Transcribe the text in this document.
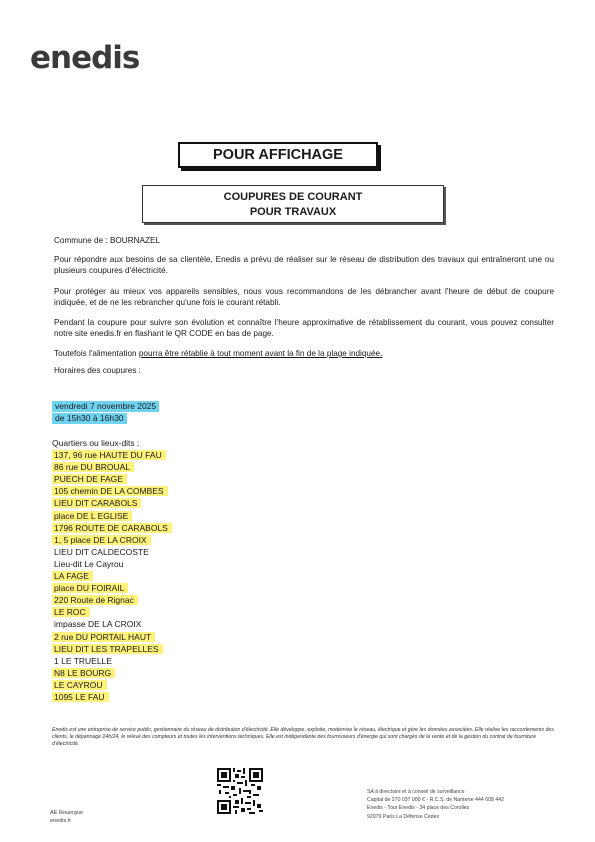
enedis
POUR AFFICHAGE
COUPURES DE COURANT
POUR TRAVAUX
Commune de : BOURNAZEL
Pour répondre aux besoins de sa clientèle, Enedis a prévu de réaliser sur le réseau de distribution des travaux qui entraîneront une ou plusieurs coupures d'électricité.
Pour protéger au mieux vos appareils sensibles, nous vous recommandons de les débrancher avant l'heure de début de coupure indiquée, et de ne les rebrancher qu'une fois le courant rétabli.
Pendant la coupure pour suivre son évolution et connaître l'heure approximative de rétablissement du courant, vous pouvez consulter notre site enedis.fr en flashant le QR CODE en bas de page.
Toutefois l'alimentation pourra être rétablie à tout moment avant la fin de la plage indiquée.
Horaires des coupures :
vendredi 7 novembre 2025
de 15h30 à 16h30
Quartiers ou lieux-dits :
137, 96 rue HAUTE DU FAU
86 rue DU BROUAL
PUECH DE FAGE
105 chemin DE LA COMBES
LIEU DIT CARABOLS
place DE L EGLISE
1796 ROUTE DE CARABOLS
1, 5 place DE LA CROIX
LIEU DIT CALDECOSTE
Lieu-dit Le Cayrou
LA FAGE
place DU FOIRAIL
220 Route de Rignac
LE ROC
impasse DE LA CROIX
2 rue DU PORTAIL HAUT
LIEU DIT LES TRAPELLES
1 LE TRUELLE
N8 LE BOURG
LE CAYROU
1095 LE FAU
Enedis est une entreprise de service public, gestionnaire du réseau de distribution d'électricité. Elle développe, exploite, modernise le réseau, électrique et gère les données associées. Elle réalise les raccordements des clients, le dépannage 24h/24, le relevé des compteurs et toutes les interventions techniques. Elle est indépendante des fournisseurs d'énergie qui sont chargés de la vente et de la gestion du contrat de fourniture d'électricité.
AE Rouergue
enedis.fr
SA à directoire et à conseil de surveillance
Capital de 270 037 000 € - R.C.S. de Nanterre 444 608 442
Enedis - Tour Enedis - 34 place des Corolles
92079 Paris La Défense Cedex
